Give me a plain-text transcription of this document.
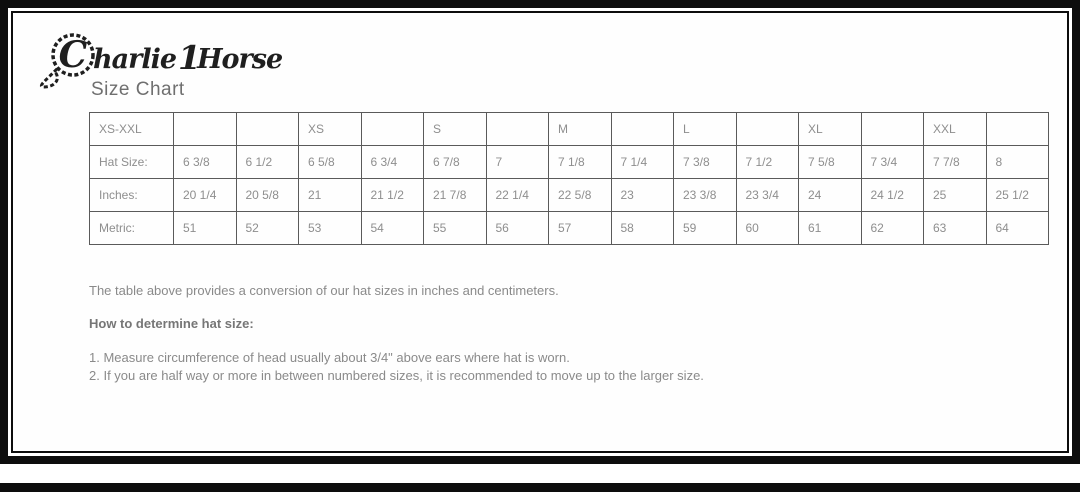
C harlie 1
Horse
Size Chart
XS-XXL			XS		S		M		L		XL		XXL	
Hat Size:	6 3/8	6 1/2	6 5/8	6 3/4	6 7/8	7	7 1/8	7 1/4	7 3/8	7 1/2	7 5/8	7 3/4	7 7/8	8
Inches:	20 1/4	20 5/8	21	21 1/2	21 7/8	22 1/4	22 5/8	23	23 3/8	23 3/4	24	24 1/2	25	25 1/2
Metric:	51	52	53	54	55	56	57	58	59	60	61	62	63	64
The table above provides a conversion of our hat sizes in inches and centimeters.
How to determine hat size:
1. Measure circumference of head usually about 3/4" above ears where hat is worn.
2. If you are half way or more in between numbered sizes, it is recommended to move up to the larger size.
